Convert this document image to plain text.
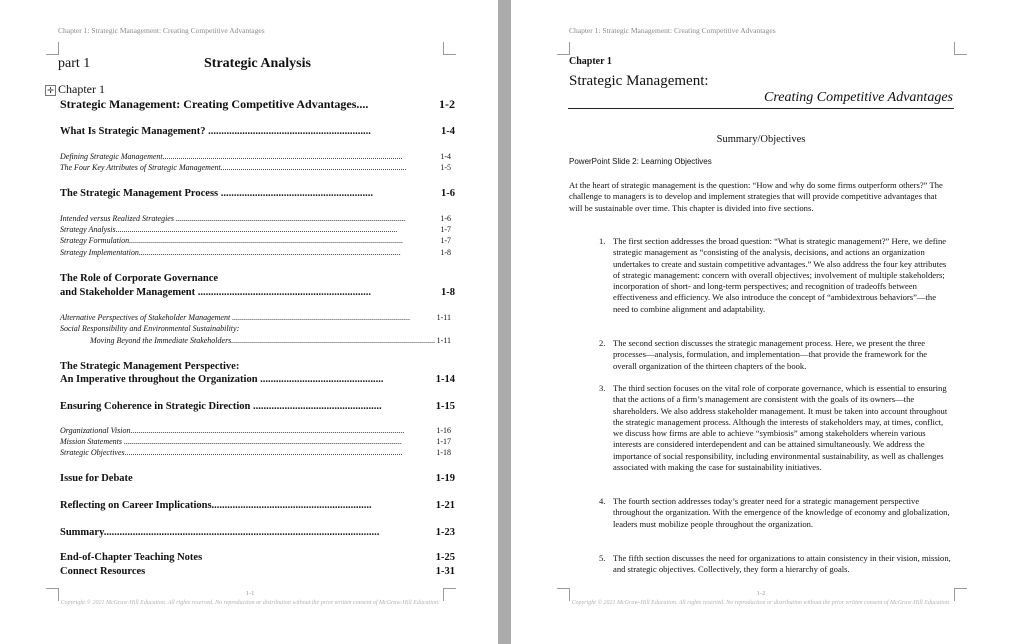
Chapter 1: Strategic Management: Creating Competitive Advantages
part 1	Strategic Analysis
✛ Chapter 1
Strategic Management: Creating Competitive Advantages....	1-2
What Is Strategic Management? ..............................................................	1-4
Defining Strategic Management........................................................................................................................	1-4
The Four Key Attributes of Strategic Management.............................................................................................	1-5
The Strategic Management Process ..........................................................	1-6
Intended versus Realized Strategies ...................................................................................................................	1-6
Strategy Analysis.............................................................................................................................................	1-7
Strategy Formulation.........................................................................................................................................	1-7
Strategy Implementation...................................................................................................................................	1-8
The Role of Corporate Governance
and Stakeholder Management ..................................................................	1-8
Alternative Perspectives of Stakeholder Management .........................................................................................	1-11
Social Responsibility and Environmental Sustainability:
Moving Beyond the Immediate Stakeholders...................................................................................................... 1-11
The Strategic Management Perspective:
An Imperative throughout the Organization ...............................................	1-14
Ensuring Coherence in Strategic Direction .................................................	1-15
Organizational Vision.........................................................................................................................................	1-16
Mission Statements ...........................................................................................................................................	1-17
Strategic Objectives...........................................................................................................................................	1-18
Issue for Debate	1-19
Reflecting on Career Implications.............................................................	1-21
Summary.........................................................................................................	1-23
End-of-Chapter Teaching Notes	1-25
Connect Resources	1-31
1-1
Copyright © 2021 McGraw-Hill Education. All rights reserved. No reproduction or distribution without the prior written consent of McGraw-Hill Education.
Chapter 1: Strategic Management: Creating Competitive Advantages
Chapter 1
Strategic Management:
Creating Competitive Advantages
Summary/Objectives
PowerPoint Slide 2: Learning Objectives
At the heart of strategic management is the question: “How and why do some firms outperform others?” The challenge to managers is to develop and implement strategies that will provide competitive advantages that will be sustainable over time. This chapter is divided into five sections.
1. The first section addresses the broad question: “What is strategic management?” Here, we define strategic management as “consisting of the analysis, decisions, and actions an organization undertakes to create and sustain competitive advantages.” We also address the four key attributes of strategic management: concern with overall objectives; involvement of multiple stakeholders; incorporation of short- and long-term perspectives; and recognition of tradeoffs between effectiveness and efficiency. We also introduce the concept of “ambidextrous behaviors”—the need to combine alignment and adaptability.
2. The second section discusses the strategic management process. Here, we present the three processes—analysis, formulation, and implementation—that provide the framework for the overall organization of the thirteen chapters of the book.
3. The third section focuses on the vital role of corporate governance, which is essential to ensuring that the actions of a firm’s management are consistent with the goals of its owners—the shareholders. We also address stakeholder management. It must be taken into account throughout the strategic management process. Although the interests of stakeholders may, at times, conflict, we discuss how firms are able to achieve “symbiosis” among stakeholders wherein various interests are considered interdependent and can be attained simultaneously. We address the importance of social responsibility, including environmental sustainability, as well as challenges associated with making the case for sustainability initiatives.
4. The fourth section addresses today’s greater need for a strategic management perspective throughout the organization. With the emergence of the knowledge of economy and globalization, leaders must mobilize people throughout the organization.
5. The fifth section discusses the need for organizations to attain consistency in their vision, mission, and strategic objectives. Collectively, they form a hierarchy of goals.
1-2
Copyright © 2021 McGraw-Hill Education. All rights reserved. No reproduction or distribution without the prior written consent of McGraw-Hill Education.
